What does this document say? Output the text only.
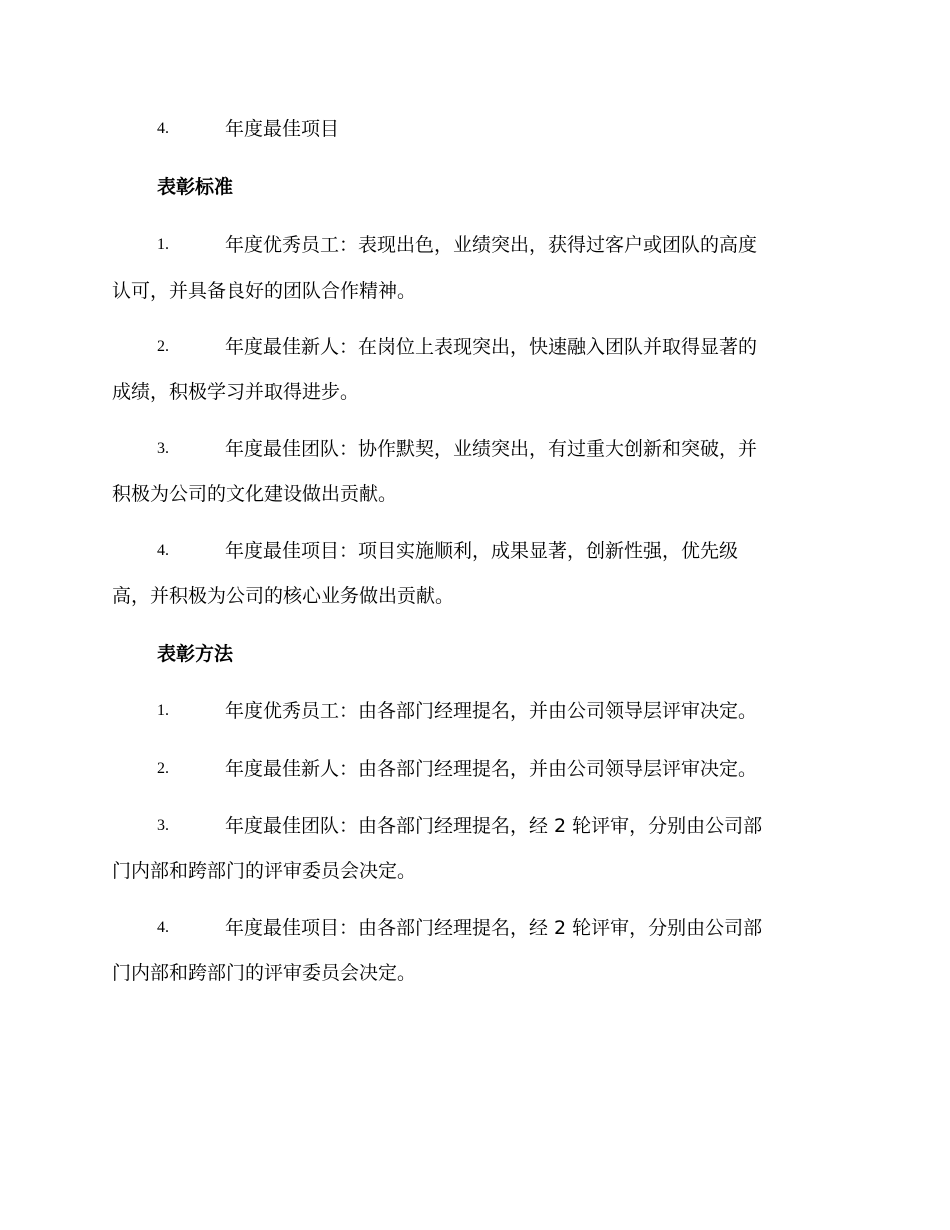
4.	年度最佳项目
表彰标准
1.	年度优秀员工：表现出色，业绩突出，获得过客户或团队的高度
认可，并具备良好的团队合作精神。
2.	年度最佳新人：在岗位上表现突出，快速融入团队并取得显著的
成绩，积极学习并取得进步。
3.	年度最佳团队：协作默契，业绩突出，有过重大创新和突破，并
积极为公司的文化建设做出贡献。
4.	年度最佳项目：项目实施顺利，成果显著，创新性强，优先级
高，并积极为公司的核心业务做出贡献。
表彰方法
1.	年度优秀员工：由各部门经理提名，并由公司领导层评审决定。
2.	年度最佳新人：由各部门经理提名，并由公司领导层评审决定。
3.	年度最佳团队：由各部门经理提名，经 2 轮评审，分别由公司部
门内部和跨部门的评审委员会决定。
4.	年度最佳项目：由各部门经理提名，经 2 轮评审，分别由公司部
门内部和跨部门的评审委员会决定。
